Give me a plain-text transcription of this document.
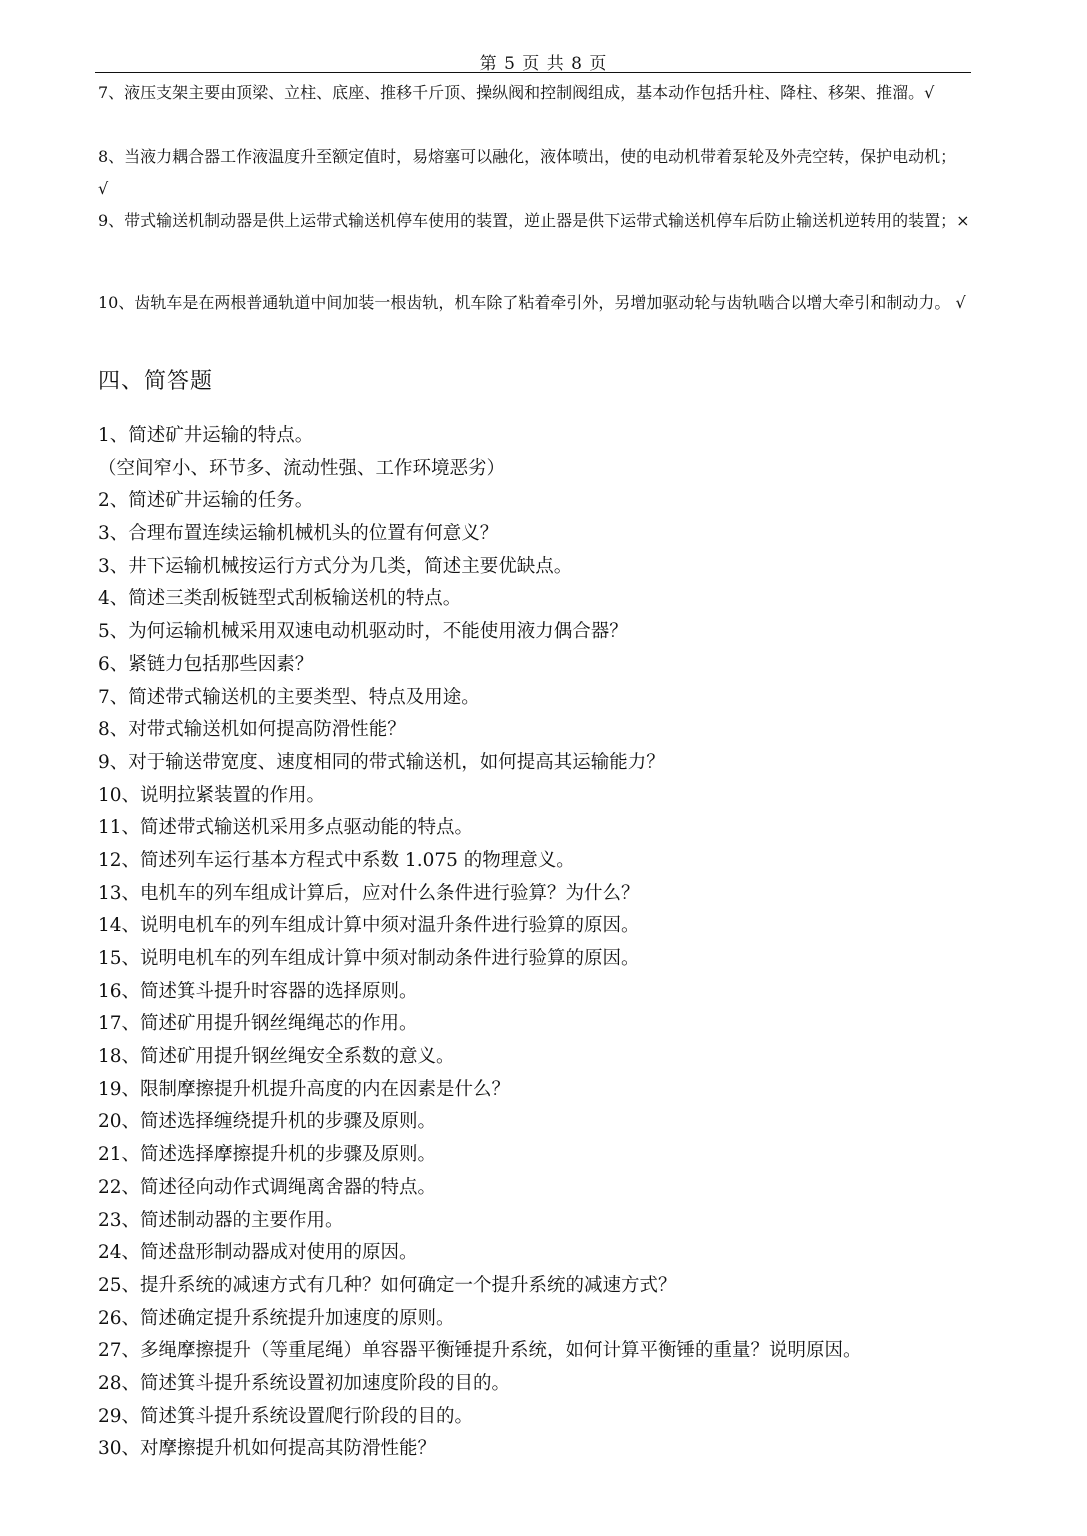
第 5 页 共 8 页

7、液压支架主要由顶梁、立柱、底座、推移千斤顶、操纵阀和控制阀组成，基本动作包括升柱、降柱、移架、推溜。√

8、当液力耦合器工作液温度升至额定值时，易熔塞可以融化，液体喷出，使的电动机带着泵轮及外壳空转，保护电动机； √

9、带式输送机制动器是供上运带式输送机停车使用的装置，逆止器是供下运带式输送机停车后防止输送机逆转用的装置；×

10、齿轨车是在两根普通轨道中间加装一根齿轨，机车除了粘着牵引外，另增加驱动轮与齿轨啮合以增大牵引和制动力。 √

四、简答题
1、简述矿井运输的特点。
（空间窄小、环节多、流动性强、工作环境恶劣）
2、简述矿井运输的任务。
3、合理布置连续运输机械机头的位置有何意义？
3、井下运输机械按运行方式分为几类，简述主要优缺点。
4、简述三类刮板链型式刮板输送机的特点。
5、为何运输机械采用双速电动机驱动时，不能使用液力偶合器？
6、紧链力包括那些因素？
7、简述带式输送机的主要类型、特点及用途。
8、对带式输送机如何提高防滑性能？
9、对于输送带宽度、速度相同的带式输送机，如何提高其运输能力？
10、说明拉紧装置的作用。
11、简述带式输送机采用多点驱动能的特点。
12、简述列车运行基本方程式中系数 1.075 的物理意义。
13、电机车的列车组成计算后，应对什么条件进行验算？为什么？
14、说明电机车的列车组成计算中须对温升条件进行验算的原因。
15、说明电机车的列车组成计算中须对制动条件进行验算的原因。
16、简述箕斗提升时容器的选择原则。
17、简述矿用提升钢丝绳绳芯的作用。
18、简述矿用提升钢丝绳安全系数的意义。
19、限制摩擦提升机提升高度的内在因素是什么？
20、简述选择缠绕提升机的步骤及原则。
21、简述选择摩擦提升机的步骤及原则。
22、简述径向动作式调绳离舍器的特点。
23、简述制动器的主要作用。
24、简述盘形制动器成对使用的原因。
25、提升系统的减速方式有几种？如何确定一个提升系统的减速方式？
26、简述确定提升系统提升加速度的原则。
27、多绳摩擦提升（等重尾绳）单容器平衡锤提升系统，如何计算平衡锤的重量？说明原因。
28、简述箕斗提升系统设置初加速度阶段的目的。
29、简述箕斗提升系统设置爬行阶段的目的。
30、对摩擦提升机如何提高其防滑性能？
